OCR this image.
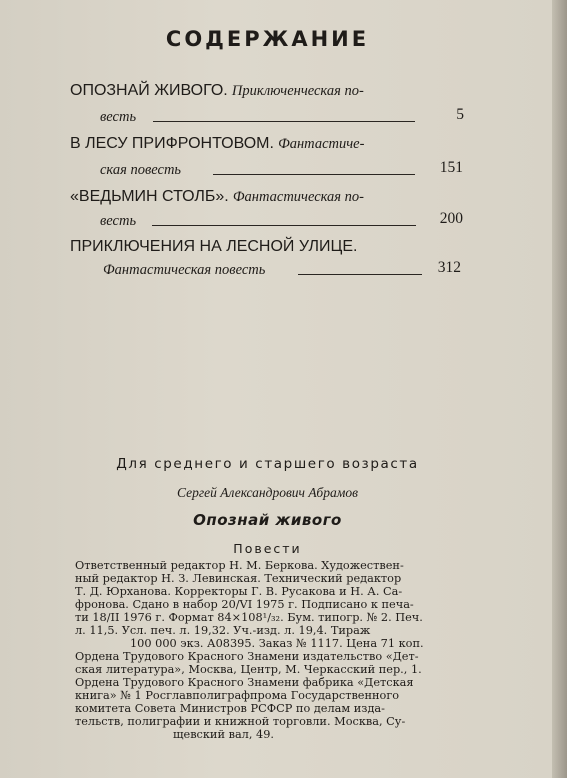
СОДЕРЖАНИЕ
ОПОЗНАЙ ЖИВОГО. Приключенческая по-
весть	5
В ЛЕСУ ПРИФРОНТОВОМ. Фантастиче-
ская повесть	151
«ВЕДЬМИН СТОЛБ». Фантастическая по-
весть	200
ПРИКЛЮЧЕНИЯ НА ЛЕСНОЙ УЛИЦЕ.
Фантастическая повесть	312
Для среднего и старшего возраста
Сергей Александрович Абрамов
Опознай живого
Повести
Ответственный редактор Н. М. Беркова. Художествен-
ный редактор Н. З. Левинская. Технический редактор
Т. Д. Юрханова. Корректоры Г. В. Русакова и Н. А. Са-
фронова. Сдано в набор 20/VI 1975 г. Подписано к печа-
ти 18/II 1976 г. Формат 84×108¹/₃₂. Бум. типогр. № 2. Печ.
л. 11,5. Усл. печ. л. 19,32. Уч.-изд. л. 19,4. Тираж
100 000 экз. А08395. Заказ № 1117. Цена 71 коп.
Ордена Трудового Красного Знамени издательство «Дет-
ская литература», Москва, Центр, М. Черкасский пер., 1.
Ордена Трудового Красного Знамени фабрика «Детская
книга» № 1 Росглавполиграфпрома Государственного
комитета Совета Министров РСФСР по делам изда-
тельств, полиграфии и книжной торговли. Москва, Су-
щевский вал, 49.
